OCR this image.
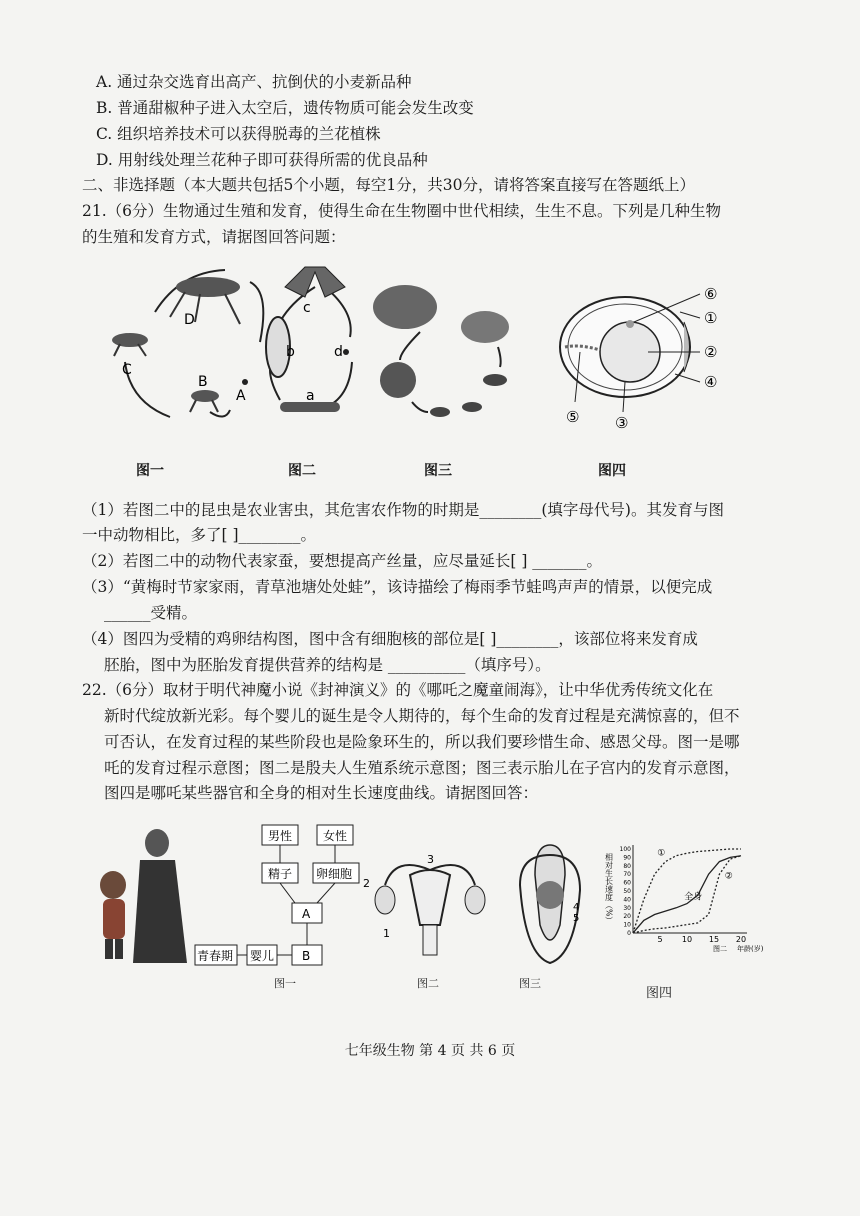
A. 通过杂交选育出高产、抗倒伏的小麦新品种
B. 普通甜椒种子进入太空后，遗传物质可能会发生改变
C. 组织培养技术可以获得脱毒的兰花植株
D. 用射线处理兰花种子即可获得所需的优良品种
二、非选择题（本大题共包括5个小题，每空1分，共30分，请将答案直接写在答题纸上）
21.（6分）生物通过生殖和发育，使得生命在生物圈中世代相续，生生不息。下列是几种生物
的生殖和发育方式，请据图回答问题：
D
C
B
A
c
b	d
a
⑥
①
②
④
⑤ ③
图一	图二	图三	图四
（1）若图二中的昆虫是农业害虫，其危害农作物的时期是________(填字母代号)。其发育与图
一中动物相比，多了[ ]________。
（2）若图二中的动物代表家蚕，要想提高产丝量，应尽量延长[ ] _______。
（3）“黄梅时节家家雨，青草池塘处处蛙”，该诗描绘了梅雨季节蛙鸣声声的情景，以便完成
______受精。
（4）图四为受精的鸡卵结构图，图中含有细胞核的部位是[ ]________，该部位将来发育成
胚胎，图中为胚胎发育提供营养的结构是 __________（填序号）。
22.（6分）取材于明代神魔小说《封神演义》的《哪吒之魔童闹海》，让中华优秀传统文化在
新时代绽放新光彩。每个婴儿的诞生是令人期待的，每个生命的发育过程是充满惊喜的，但不
可否认，在发育过程的某些阶段也是险象环生的，所以我们要珍惜生命、感恩父母。图一是哪
吒的发育过程示意图；图二是殷夫人生殖系统示意图；图三表示胎儿在子宫内的发育示意图，
图四是哪吒某些器官和全身的相对生长速度曲线。请据图回答：
男性	女性
精子 卵细胞
A
B
婴儿
青春期
3
2
1
4
5
0
10
20
30
40
50
60
70
80
90
100
5 10 15 20
相对生长速度（%）
年龄(岁)
图二
①
全身
②
图一	图二	图三
图四
七年级生物 第 4 页 共 6 页
